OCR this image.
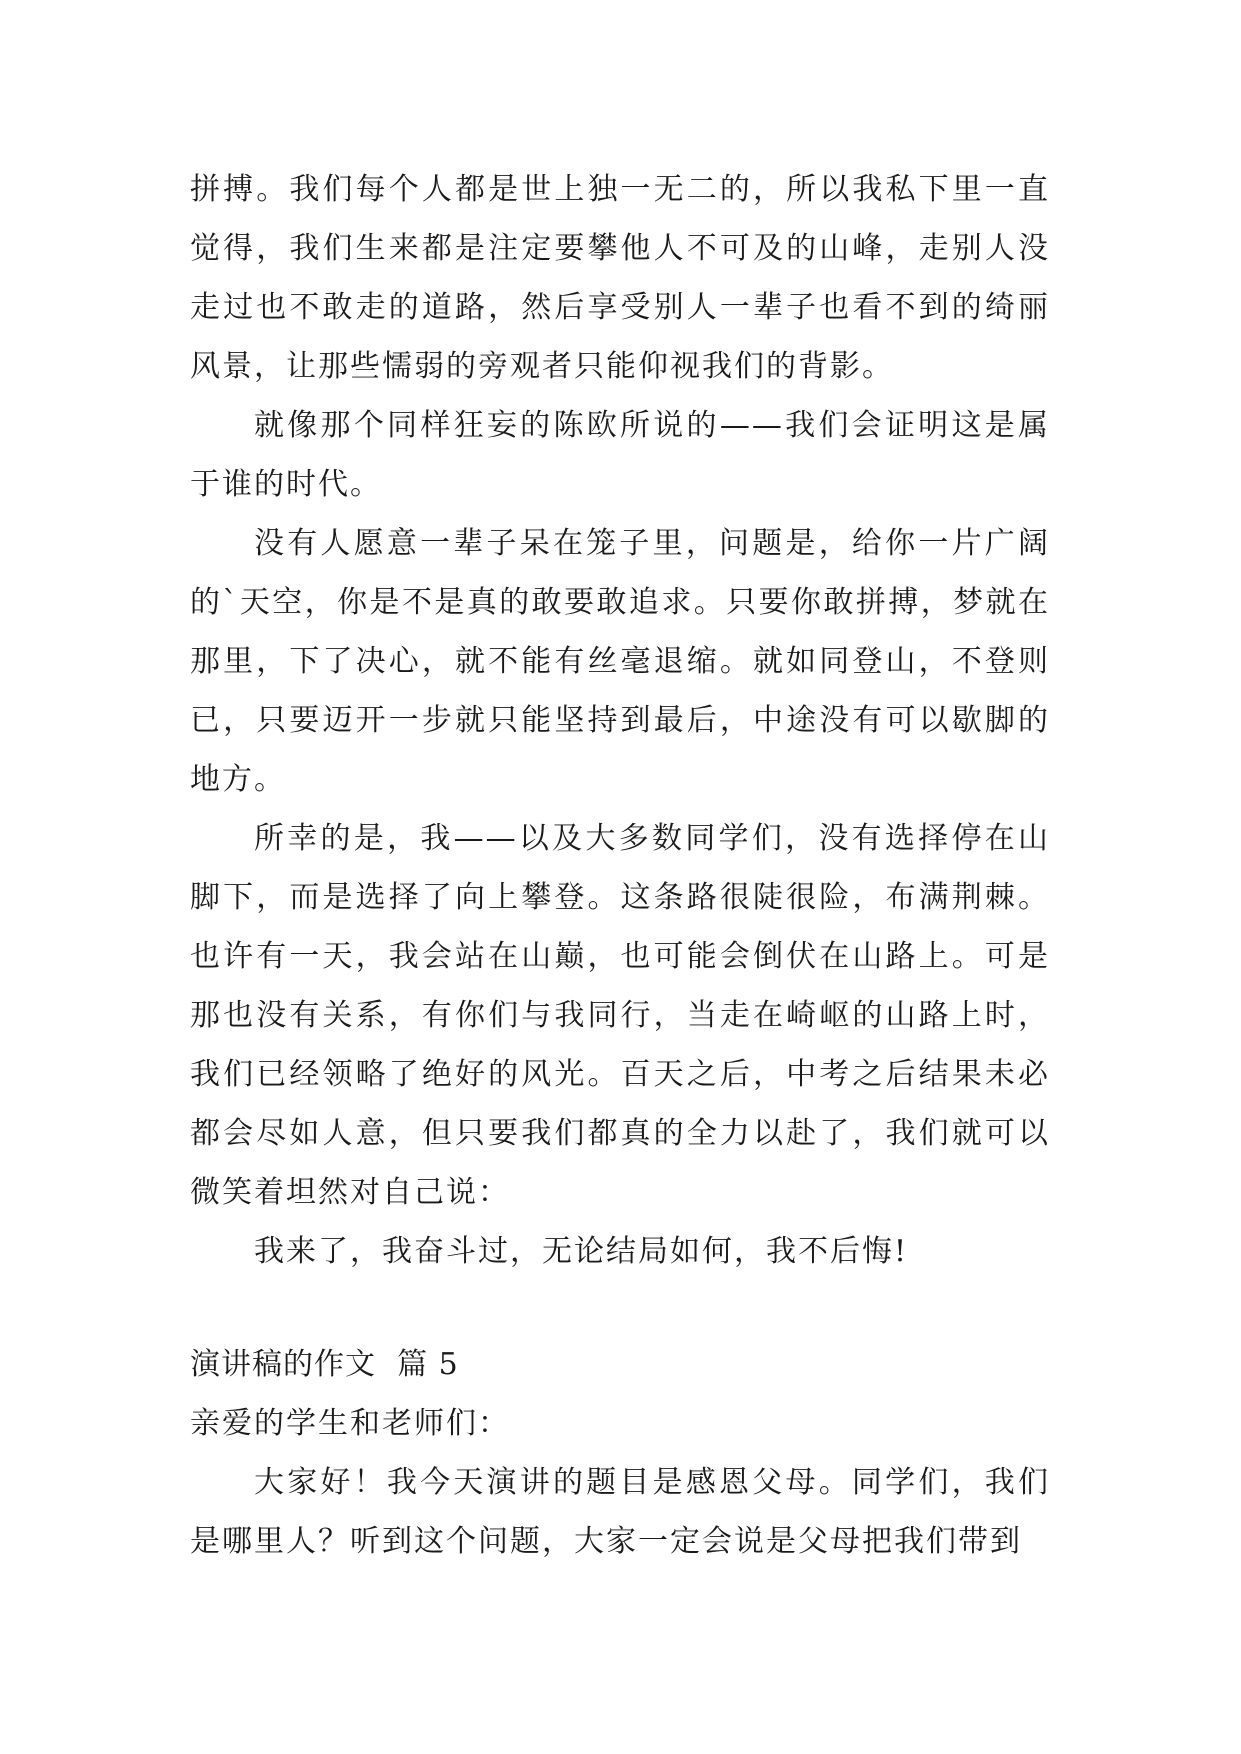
拼搏。我们每个人都是世上独一无二的，所以我私下里一直觉得，我们生来都是注定要攀他人不可及的山峰，走别人没走过也不敢走的道路，然后享受别人一辈子也看不到的绮丽风景，让那些懦弱的旁观者只能仰视我们的背影。

就像那个同样狂妄的陈欧所说的——我们会证明这是属于谁的时代。

没有人愿意一辈子呆在笼子里，问题是，给你一片广阔的`天空，你是不是真的敢要敢追求。只要你敢拼搏，梦就在那里，下了决心，就不能有丝毫退缩。就如同登山，不登则已，只要迈开一步就只能坚持到最后，中途没有可以歇脚的地方。

所幸的是，我——以及大多数同学们，没有选择停在山脚下，而是选择了向上攀登。这条路很陡很险，布满荆棘。也许有一天，我会站在山巅，也可能会倒伏在山路上。可是那也没有关系，有你们与我同行，当走在崎岖的山路上时，我们已经领略了绝好的风光。百天之后，中考之后结果未必都会尽如人意，但只要我们都真的全力以赴了，我们就可以微笑着坦然对自己说：

我来了，我奋斗过，无论结局如何，我不后悔!

演讲稿的作文  篇 5

亲爱的学生和老师们：

大家好！我今天演讲的题目是感恩父母。同学们，我们是哪里人？听到这个问题，大家一定会说是父母把我们带到
